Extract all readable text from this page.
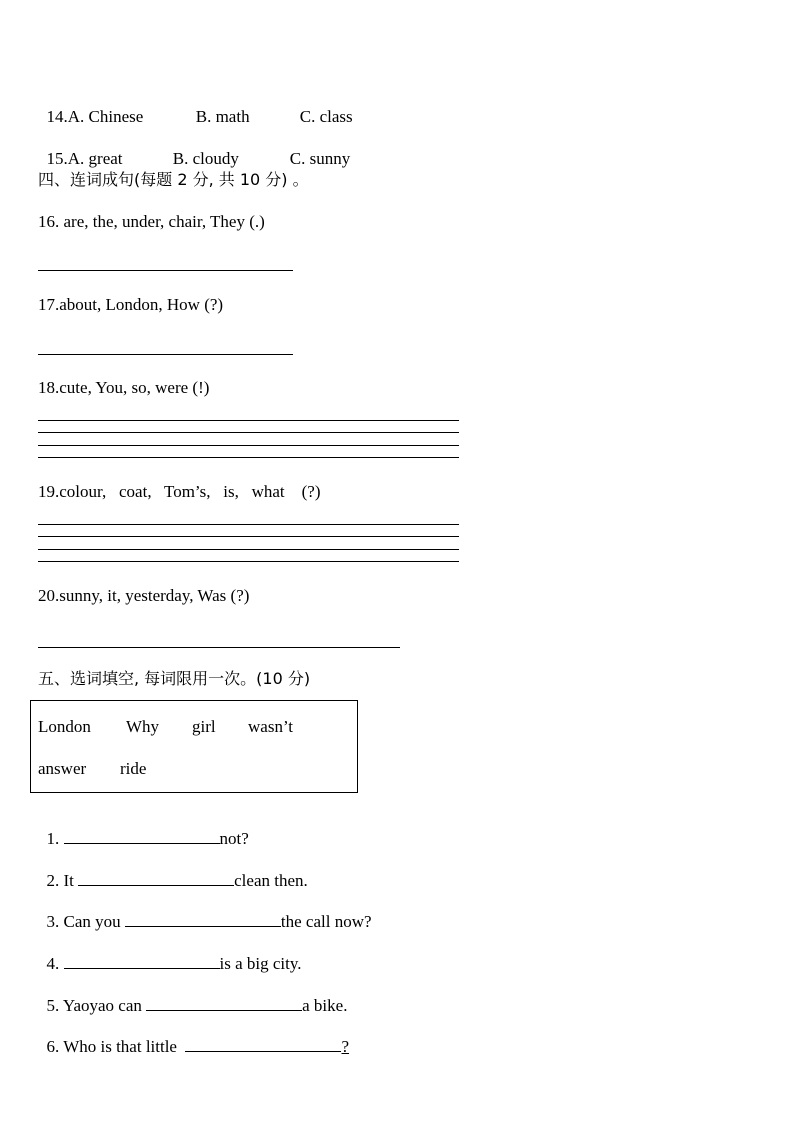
14.A. Chinese	B. math	C. class

15.A. great	B. cloudy	C. sunny

四、连词成句(每题 2 分, 共 10 分) 。
16. are, the, under, chair, They (.)
17.about, London, How (?)
18.cute, You, so, were (!)
19.colour,   coat,   Tom’s,   is,   what    (?)
20.sunny, it, yesterday, Was (?)
五、选词填空, 每词限用一次。(10 分)
London Why girl wasn’t
answer ride

1.	not?

2. It	clean then.

3. Can you	the call now?

4.	is a big city.

5. Yaoyao can	a bike.

6. Who is that little	?
